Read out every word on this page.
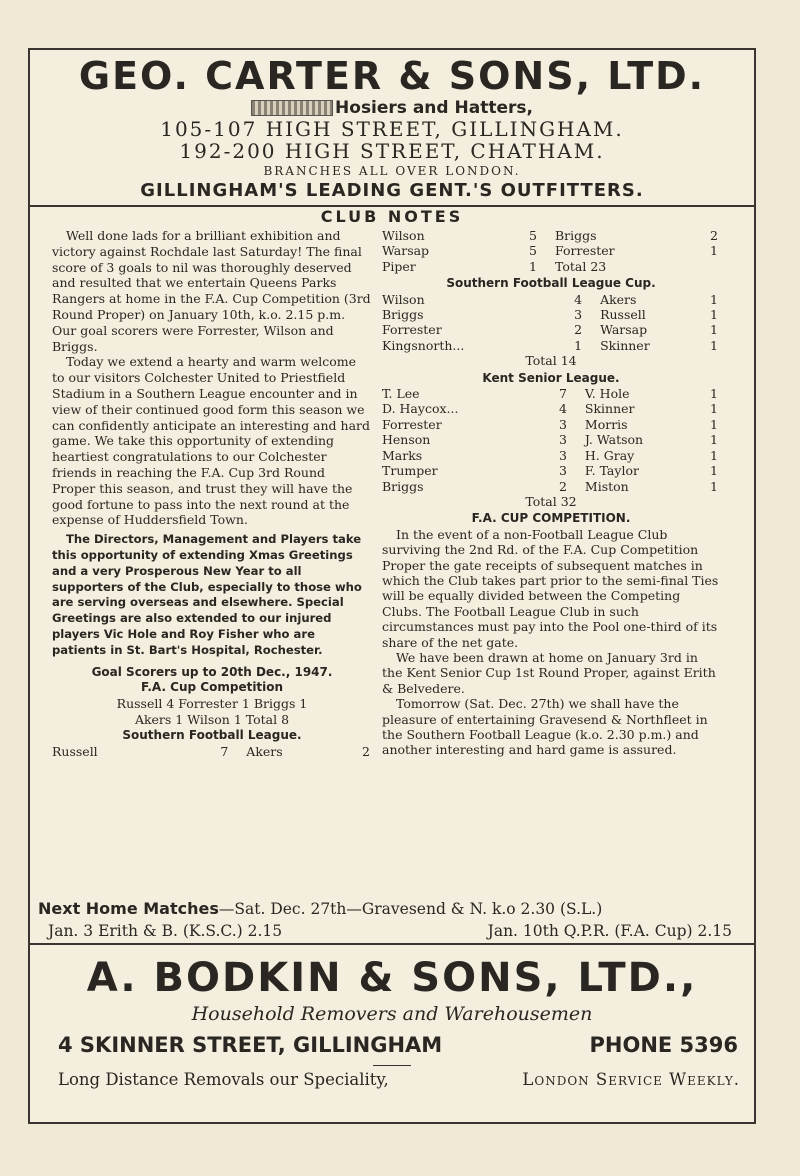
GEO. CARTER & SONS, LTD.
Hosiers and Hatters,
105-107 HIGH STREET, GILLINGHAM.
192-200 HIGH STREET, CHATHAM.
BRANCHES ALL OVER LONDON.
GILLINGHAM'S LEADING GENT.'S OUTFITTERS.
CLUB NOTES

Well done lads for a brilliant exhibition and victory against Rochdale last Saturday! The final score of 3 goals to nil was thoroughly deserved and resulted that we entertain Queens Parks Rangers at home in the F.A. Cup Competition (3rd Round Proper) on January 10th, k.o. 2.15 p.m. Our goal scorers were Forrester, Wilson and Briggs.

Today we extend a hearty and warm welcome to our visitors Colchester United to Priestfield Stadium in a Southern League encounter and in view of their continued good form this season we can confidently anticipate an interesting and hard game. We take this opportunity of extending heartiest congratulations to our Colchester friends in reaching the F.A. Cup 3rd Round Proper this season, and trust they will have the good fortune to pass into the next round at the expense of Huddersfield Town.

The Directors, Management and Players take this opportunity of extending Xmas Greetings and a very Prosperous New Year to all supporters of the Club, especially to those who are serving overseas and elsewhere. Special Greetings are also extended to our injured players Vic Hole and Roy Fisher who are patients in St. Bart's Hospital, Rochester.

Goal Scorers up to 20th Dec., 1947.
F.A. Cup Competition
Russell 4 Forrester 1 Briggs 1
Akers 1 Wilson 1 Total 8
Southern Football League.
Russell	7	Akers	2
Wilson	5	Briggs	2
Warsap	5	Forrester	1
Piper	1	Total 23	
Southern Football League Cup.
Wilson	4	Akers	1
Briggs	3	Russell	1
Forrester	2	Warsap	1
Kingsnorth...	1	Skinner	1
Total 14
Kent Senior League.
T. Lee	7	V. Hole	1
D. Haycox...	4	Skinner	1
Forrester	3	Morris	1
Henson	3	J. Watson	1
Marks	3	H. Gray	1
Trumper	3	F. Taylor	1
Briggs	2	Miston	1
Total 32
F.A. CUP COMPETITION.

In the event of a non-Football League Club surviving the 2nd Rd. of the F.A. Cup Competition Proper the gate receipts of subsequent matches in which the Club takes part prior to the semi-final Ties will be equally divided between the Competing Clubs. The Football League Club in such circumstances must pay into the Pool one-third of its share of the net gate.

We have been drawn at home on January 3rd in the Kent Senior Cup 1st Round Proper, against Erith & Belvedere.

Tomorrow (Sat. Dec. 27th) we shall have the pleasure of entertaining Gravesend & Northfleet in the Southern Football League (k.o. 2.30 p.m.) and another interesting and hard game is assured.

Next Home Matches—Sat. Dec. 27th—Gravesend & N. k.o 2.30 (S.L.)
Jan. 3 Erith & B. (K.S.C.) 2.15	Jan. 10th Q.P.R. (F.A. Cup) 2.15
A. BODKIN & SONS, LTD.,
Household Removers and Warehousemen
4 SKINNER STREET, GILLINGHAM	PHONE 5396
Long Distance Removals our Speciality,	London Service Weekly.
